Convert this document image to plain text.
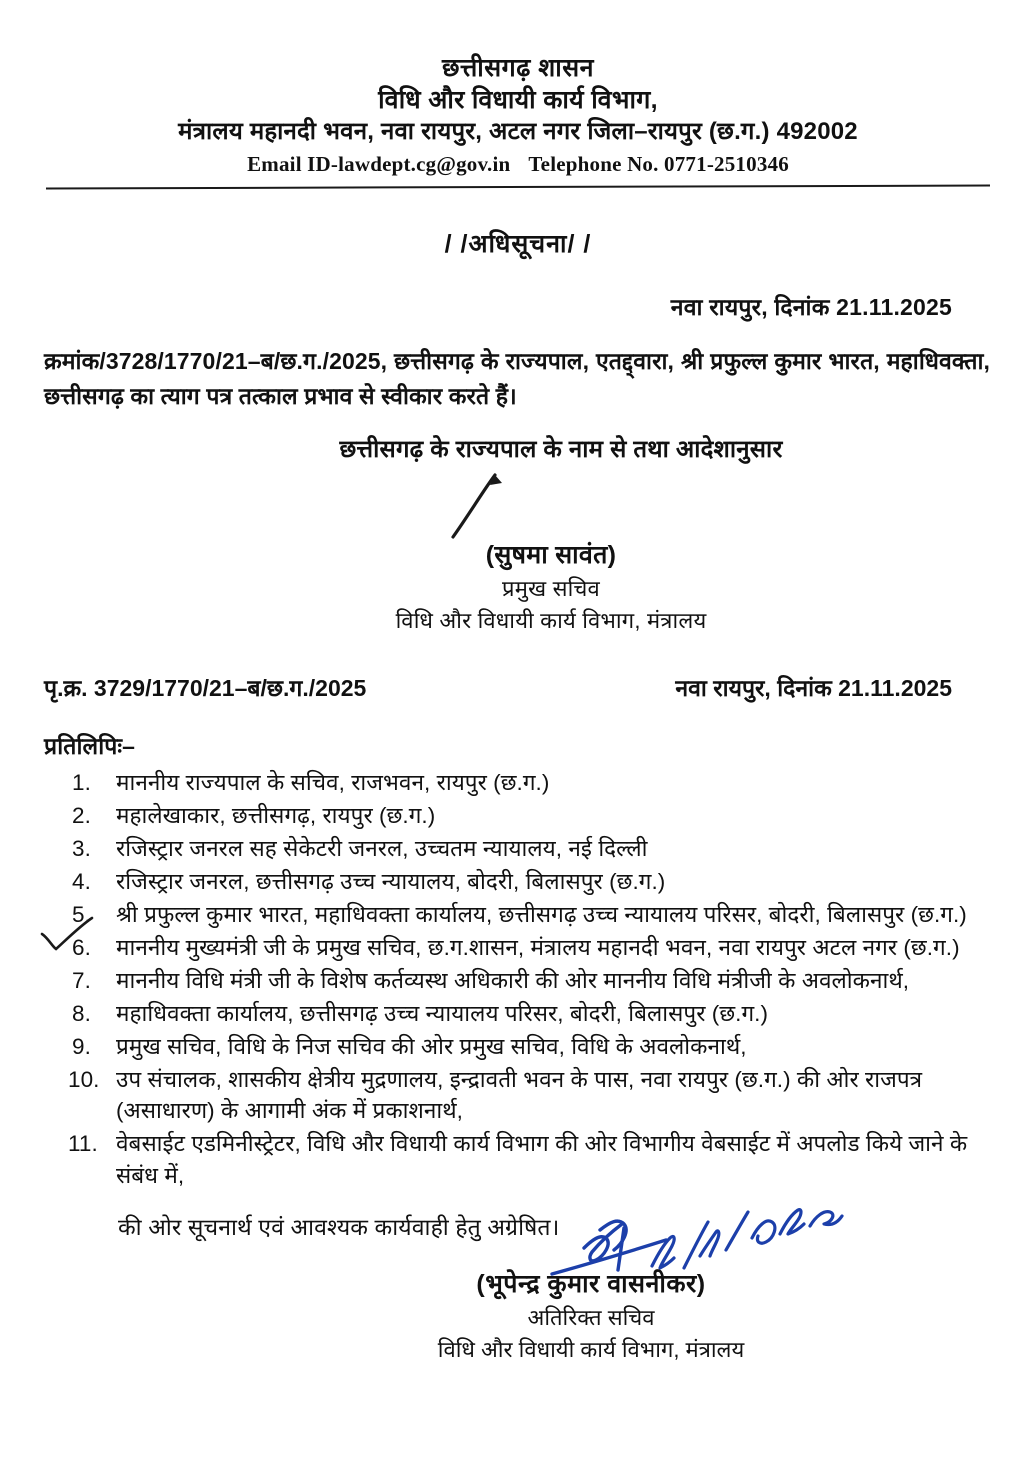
छत्तीसगढ़ शासन
विधि और विधायी कार्य विभाग,
मंत्रालय महानदी भवन, नवा रायपुर, अटल नगर जिला–रायपुर (छ.ग.) 492002
Email ID-lawdept.cg@gov.in Telephone No. 0771-2510346
/ /अधिसूचना/ /
नवा रायपुर, दिनांक 21.11.2025
क्रमांक/3728/1770/21–ब/छ.ग./2025, छत्तीसगढ़ के राज्यपाल, एतद्द्वारा, श्री प्रफुल्ल कुमार भारत, महाधिवक्ता, छत्तीसगढ़ का त्याग पत्र तत्काल प्रभाव से स्वीकार करते हैं।
छत्तीसगढ़ के राज्यपाल के नाम से तथा आदेशानुसार
(सुषमा सावंत)
प्रमुख सचिव
विधि और विधायी कार्य विभाग, मंत्रालय
पृ.क्र. 3729/1770/21–ब/छ.ग./2025	नवा रायपुर, दिनांक 21.11.2025
प्रतिलिपिः–
माननीय राज्यपाल के सचिव, राजभवन, रायपुर (छ.ग.)
महालेखाकार, छत्तीसगढ़, रायपुर (छ.ग.)
रजिस्ट्रार जनरल सह सेकेटरी जनरल, उच्चतम न्यायालय, नई दिल्ली
रजिस्ट्रार जनरल, छत्तीसगढ़ उच्च न्यायालय, बोदरी, बिलासपुर (छ.ग.)
श्री प्रफुल्ल कुमार भारत, महाधिवक्ता कार्यालय, छत्तीसगढ़ उच्च न्यायालय परिसर, बोदरी, बिलासपुर (छ.ग.)
माननीय मुख्यमंत्री जी के प्रमुख सचिव, छ.ग.शासन, मंत्रालय महानदी भवन, नवा रायपुर अटल नगर (छ.ग.)
माननीय विधि मंत्री जी के विशेष कर्तव्यस्थ अधिकारी की ओर माननीय विधि मंत्रीजी के अवलोकनार्थ,
महाधिवक्ता कार्यालय, छत्तीसगढ़ उच्च न्यायालय परिसर, बोदरी, बिलासपुर (छ.ग.)
प्रमुख सचिव, विधि के निज सचिव की ओर प्रमुख सचिव, विधि के अवलोकनार्थ,
उप संचालक, शासकीय क्षेत्रीय मुद्रणालय, इन्द्रावती भवन के पास, नवा रायपुर (छ.ग.) की ओर राजपत्र (असाधारण) के आगामी अंक में प्रकाशनार्थ,
वेबसाईट एडमिनीस्ट्रेटर, विधि और विधायी कार्य विभाग की ओर विभागीय वेबसाईट में अपलोड किये जाने के संबंध में,
की ओर सूचनार्थ एवं आवश्यक कार्यवाही हेतु अग्रेषित।
(भूपेन्द्र कुमार वासनीकर)
अतिरिक्त सचिव
विधि और विधायी कार्य विभाग, मंत्रालय
